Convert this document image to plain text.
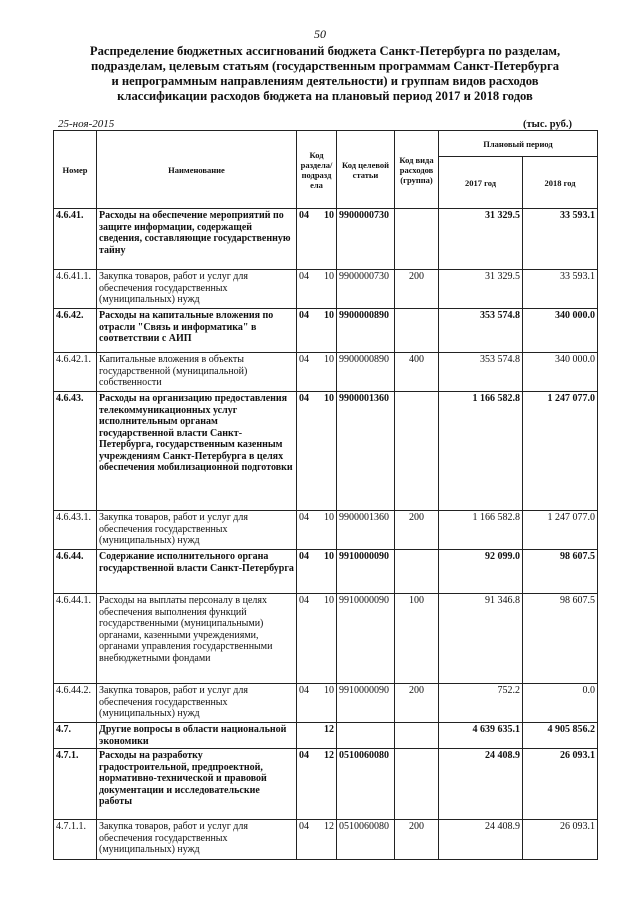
50
Распределение бюджетных ассигнований бюджета Санкт-Петербурга по разделам,
подразделам, целевым статьям (государственным программам Санкт-Петербурга
и непрограммным направлениям деятельности) и группам видов расходов
классификации расходов бюджета на плановый период 2017 и 2018 годов
25-ноя-2015	(тыс. руб.)
Номер	Наименование	Код раздела/ подразд ела	Код целевой статьи	Код вида расходов (группа)	Плановый период	
					2017 год	2018 год
4.6.41.	Расходы на обеспечение мероприятий по защите информации, содержащей сведения, составляющие государственную тайну	04 10	9900000730		31 329.5	33 593.1
4.6.41.1.	Закупка товаров, работ и услуг для обеспечения государственных (муниципальных) нужд	04 10	9900000730	200	31 329.5	33 593.1
4.6.42.	Расходы на капитальные вложения по отрасли "Связь и информатика" в соответствии с АИП	04 10	9900000890		353 574.8	340 000.0
4.6.42.1.	Капитальные вложения в объекты государственной (муниципальной) собственности	04 10	9900000890	400	353 574.8	340 000.0
4.6.43.	Расходы на организацию предоставления телекоммуникационных услуг исполнительным органам государственной власти Санкт-Петербурга, государственным казенным учреждениям Санкт-Петербурга в целях обеспечения мобилизационной подготовки	04 10	9900001360		1 166 582.8	1 247 077.0
4.6.43.1.	Закупка товаров, работ и услуг для обеспечения государственных (муниципальных) нужд	04 10	9900001360	200	1 166 582.8	1 247 077.0
4.6.44.	Содержание исполнительного органа государственной власти Санкт-Петербурга	04 10	9910000090		92 099.0	98 607.5
4.6.44.1.	Расходы на выплаты персоналу в целях обеспечения выполнения функций государственными (муниципальными) органами, казенными учреждениями, органами управления государственными внебюджетными фондами	04 10	9910000090	100	91 346.8	98 607.5
4.6.44.2.	Закупка товаров, работ и услуг для обеспечения государственных (муниципальных) нужд	04 10	9910000090	200	752.2	0.0
4.7.	Другие вопросы в области национальной экономики	12			4 639 635.1	4 905 856.2
4.7.1.	Расходы на разработку градостроительной, предпроектной, нормативно-технической и правовой документации и исследовательские работы	04 12	0510060080		24 408.9	26 093.1
4.7.1.1.	Закупка товаров, работ и услуг для обеспечения государственных (муниципальных) нужд	04 12	0510060080	200	24 408.9	26 093.1
